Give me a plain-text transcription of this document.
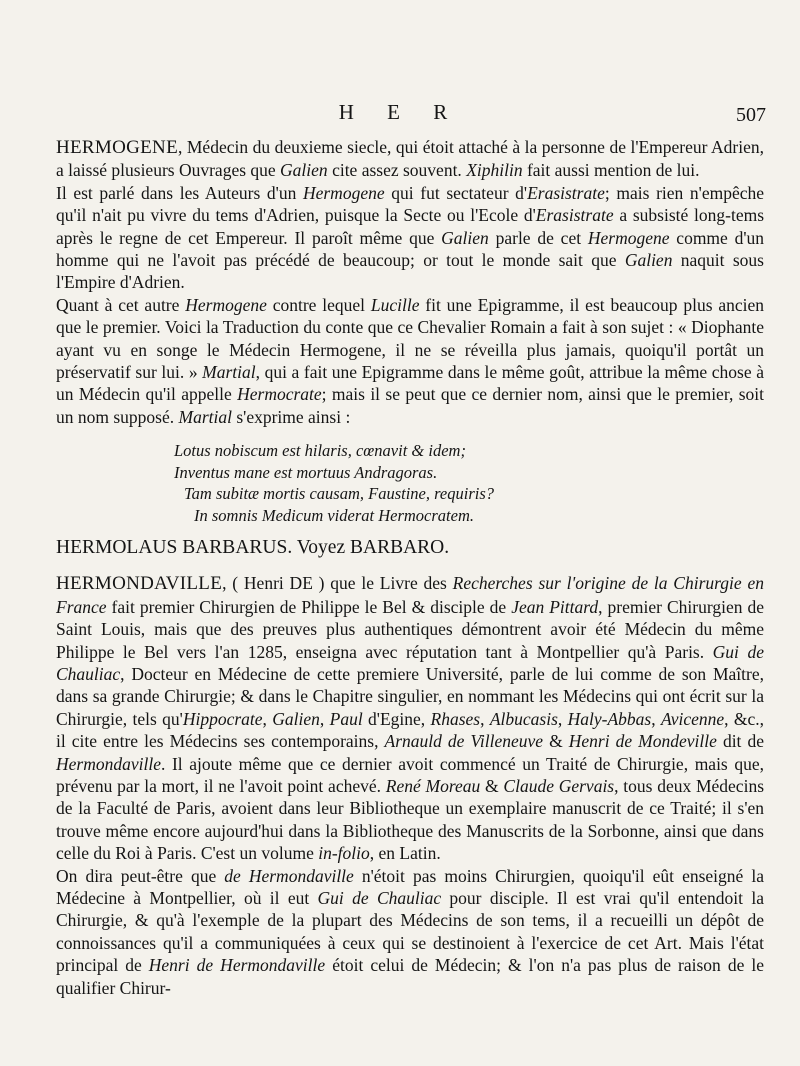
H E R	507

HERMOGENE, Médecin du deuxieme siecle, qui étoit attaché à la personne de l'Empereur Adrien, a laissé plusieurs Ouvrages que Galien cite assez souvent. Xiphilin fait aussi mention de lui.

Il est parlé dans les Auteurs d'un Hermogene qui fut sectateur d'Erasistrate; mais rien n'empêche qu'il n'ait pu vivre du tems d'Adrien, puisque la Secte ou l'Ecole d'Erasistrate a subsisté long-tems après le regne de cet Empereur. Il paroît même que Galien parle de cet Hermogene comme d'un homme qui ne l'avoit pas précédé de beaucoup; or tout le monde sait que Galien naquit sous l'Empire d'Adrien.

Quant à cet autre Hermogene contre lequel Lucille fit une Epigramme, il est beaucoup plus ancien que le premier. Voici la Traduction du conte que ce Chevalier Romain a fait à son sujet : « Diophante ayant vu en songe le Médecin Hermogene, il ne se réveilla plus jamais, quoiqu'il portât un préservatif sur lui. » Martial, qui a fait une Epigramme dans le même goût, attribue la même chose à un Médecin qu'il appelle Hermocrate; mais il se peut que ce dernier nom, ainsi que le premier, soit un nom supposé. Martial s'exprime ainsi :

Lotus nobiscum est hilaris, cœnavit & idem;
Inventus mane est mortuus Andragoras.
Tam subitæ mortis causam, Faustine, requiris?
In somnis Medicum viderat Hermocratem.
HERMOLAUS BARBARUS. Voyez BARBARO.

HERMONDAVILLE, ( Henri DE ) que le Livre des Recherches sur l'origine de la Chirurgie en France fait premier Chirurgien de Philippe le Bel & disciple de Jean Pittard, premier Chirurgien de Saint Louis, mais que des preuves plus authentiques démontrent avoir été Médecin du même Philippe le Bel vers l'an 1285, enseigna avec réputation tant à Montpellier qu'à Paris. Gui de Chauliac, Docteur en Médecine de cette premiere Université, parle de lui comme de son Maître, dans sa grande Chirurgie; & dans le Chapitre singulier, en nommant les Médecins qui ont écrit sur la Chirurgie, tels qu'Hippocrate, Galien, Paul d'Egine, Rhases, Albucasis, Haly-Abbas, Avicenne, &c., il cite entre les Médecins ses contemporains, Arnauld de Villeneuve & Henri de Mondeville dit de Hermondaville. Il ajoute même que ce dernier avoit commencé un Traité de Chirurgie, mais que, prévenu par la mort, il ne l'avoit point achevé. René Moreau & Claude Gervais, tous deux Médecins de la Faculté de Paris, avoient dans leur Bibliotheque un exemplaire manuscrit de ce Traité; il s'en trouve même encore aujourd'hui dans la Bibliotheque des Manuscrits de la Sorbonne, ainsi que dans celle du Roi à Paris. C'est un volume in-folio, en Latin.

On dira peut-être que de Hermondaville n'étoit pas moins Chirurgien, quoiqu'il eût enseigné la Médecine à Montpellier, où il eut Gui de Chauliac pour disciple. Il est vrai qu'il entendoit la Chirurgie, & qu'à l'exemple de la plupart des Médecins de son tems, il a recueilli un dépôt de connoissances qu'il a communiquées à ceux qui se destinoient à l'exercice de cet Art. Mais l'état principal de Henri de Hermondaville étoit celui de Médecin; & l'on n'a pas plus de raison de le qualifier Chirur-
